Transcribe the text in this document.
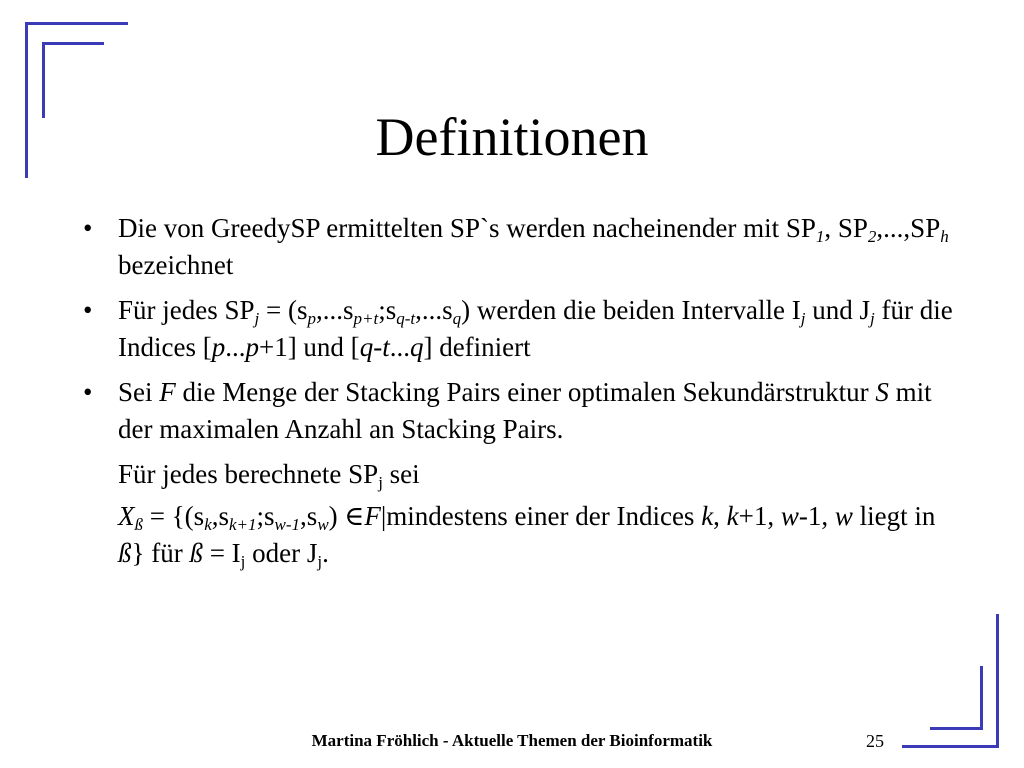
Definitionen
• Die von GreedySP ermittelten SP`s werden nacheinender mit $SP_1$, $SP_2,...,SP_h$ bezeichnet
• Für jedes $SP_j$ = $(s_p,...s_{p+t};s_{q-t},...s_q)$ werden die beiden Intervalle $I_j$ und $J_j$ für die Indices [p...p+1] und [q-t...q] definiert
• Sei F die Menge der Stacking Pairs einer optimalen Sekundärstruktur S mit der maximalen Anzahl an Stacking Pairs.
Für jedes berechnete $SP_j$ sei
$X_ß$ = {$(s_k,s_{k+1};s_{w-1},s_w)$ ∈F|mindestens einer der Indices k, k+1, w-1, w liegt in ß} für ß = $I_j$ oder $J_j$.
Martina Fröhlich - Aktuelle Themen der Bioinformatik	25
